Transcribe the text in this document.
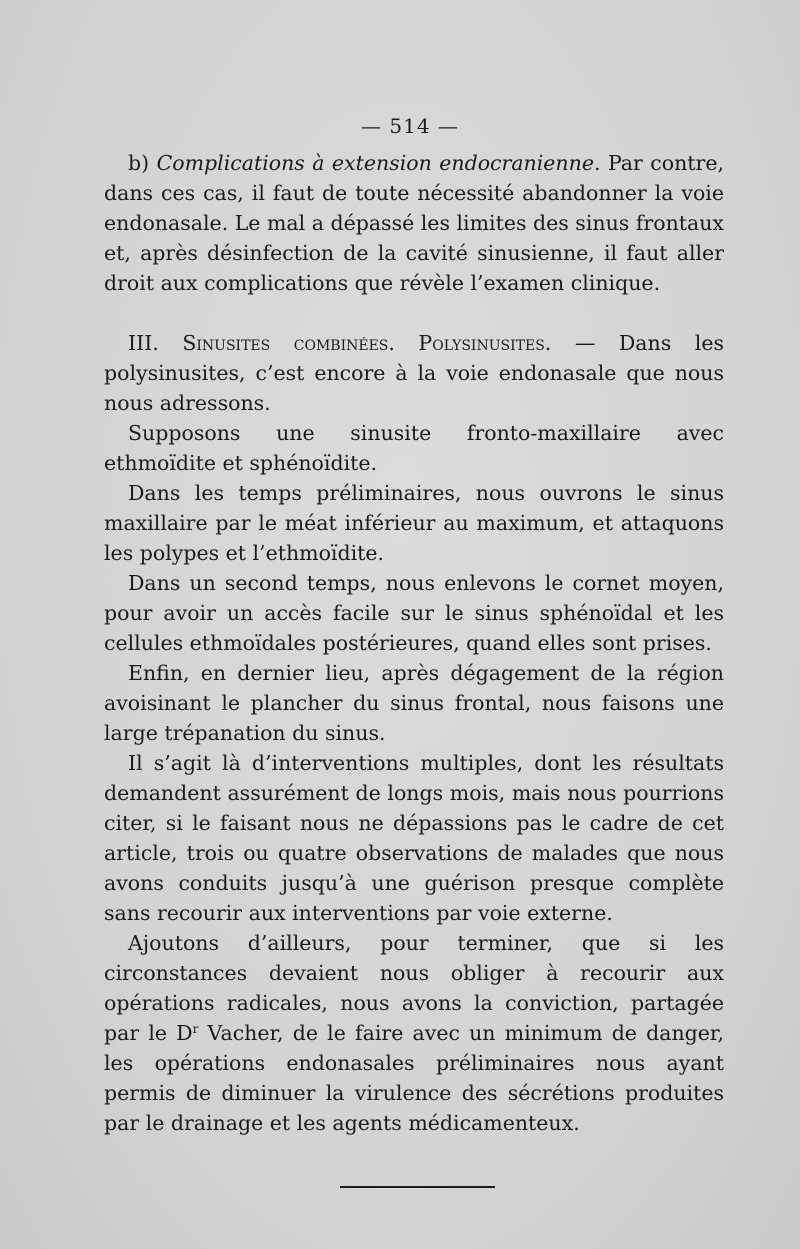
— 514 —

b) Complications à extension endocranienne. Par contre, dans ces cas, il faut de toute nécessité abandonner la voie endonasale. Le mal a dépassé les limites des sinus frontaux et, après désinfection de la cavité sinusienne, il faut aller droit aux complications que révèle l’examen clinique.

III. Sinusites combinées. Polysinusites. — Dans les polysinusites, c’est encore à la voie endonasale que nous nous adressons.

Supposons une sinusite fronto-maxillaire avec ethmoïdite et sphénoïdite.

Dans les temps préliminaires, nous ouvrons le sinus maxillaire par le méat inférieur au maximum, et attaquons les polypes et l’ethmoïdite.

Dans un second temps, nous enlevons le cornet moyen, pour avoir un accès facile sur le sinus sphénoïdal et les cellules ethmoïdales postérieures, quand elles sont prises.

Enfin, en dernier lieu, après dégagement de la région avoisinant le plancher du sinus frontal, nous faisons une large trépanation du sinus.

Il s’agit là d’interventions multiples, dont les résultats demandent assurément de longs mois, mais nous pourrions citer, si le faisant nous ne dépassions pas le cadre de cet article, trois ou quatre observations de malades que nous avons conduits jusqu’à une guérison presque complète sans recourir aux interventions par voie externe.

Ajoutons d’ailleurs, pour terminer, que si les circonstances devaient nous obliger à recourir aux opérations radicales, nous avons la conviction, partagée par le $D^r$ Vacher, de le faire avec un minimum de danger, les opérations endonasales préliminaires nous ayant permis de diminuer la virulence des sécrétions produites par le drainage et les agents médicamenteux.
